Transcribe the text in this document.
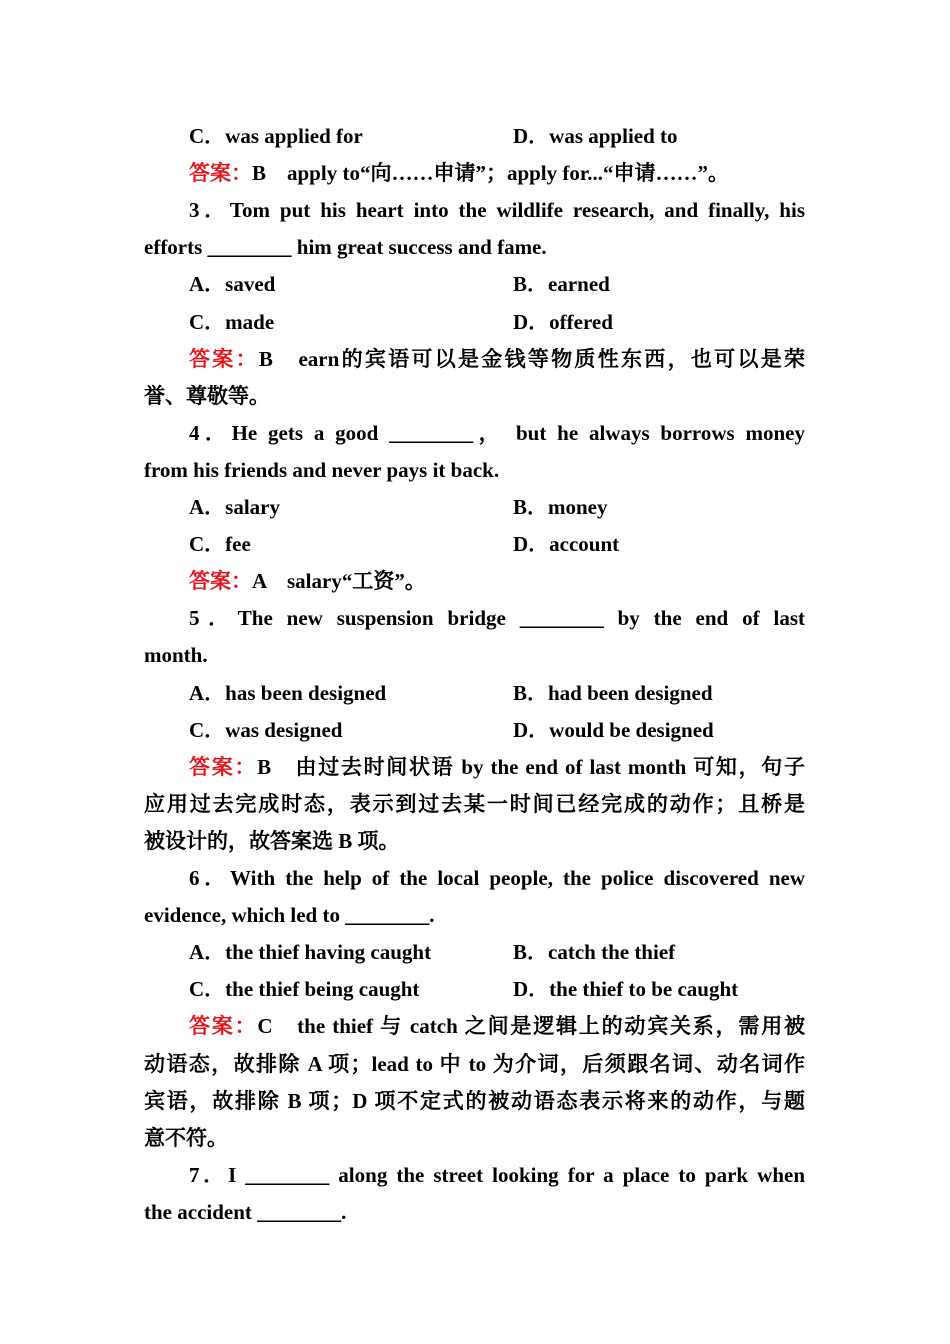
C．was applied for	D．was applied to
答案：B　apply to“向……申请”；apply for...“申请……”。
3．Tom put his heart into the wildlife research, and finally, his
efforts ________ him great success and fame.
A．saved	B．earned
C．made	D．offered
答案：B　earn的宾语可以是金钱等物质性东西，也可以是荣
誉、尊敬等。
4．He gets a good ________， but he always borrows money
from his friends and never pays it back.
A．salary	B．money
C．fee	D．account
答案：A　salary“工资”。
5．The new suspension bridge ________ by the end of last
month.
A．has been designed	B．had been designed
C．was designed	D．would be designed
答案：B　由过去时间状语 by the end of last month 可知，句子
应用过去完成时态，表示到过去某一时间已经完成的动作；且桥是
被设计的，故答案选 B 项。
6．With the help of the local people, the police discovered new
evidence, which led to ________.
A．the thief having caught	B．catch the thief
C．the thief being caught	D．the thief to be caught
答案：C　the thief 与 catch 之间是逻辑上的动宾关系，需用被
动语态，故排除 A 项；lead to 中 to 为介词，后须跟名词、动名词作
宾语，故排除 B 项；D 项不定式的被动语态表示将来的动作，与题
意不符。
7．I ________ along the street looking for a place to park when
the accident ________.
